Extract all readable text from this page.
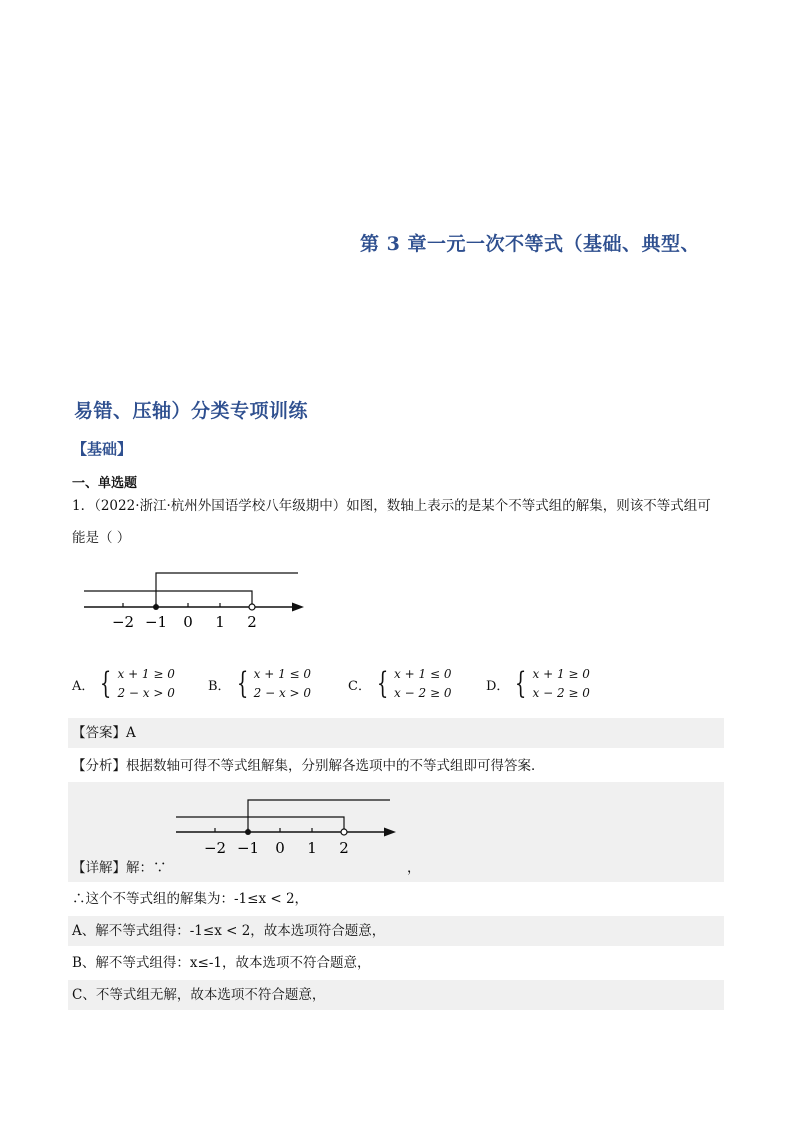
第 3 章一元一次不等式（基础、典型、
易错、压轴）分类专项训练
【基础】
一、单选题
1．（2022·浙江·杭州外国语学校八年级期中）如图，数轴上表示的是某个不等式组的解集，则该不等式组可
能是（ ）
−2 −1 0 1 2
A． { x + 1 ≥ 0
2 − x > 0	B． { x + 1 ≤ 0
2 − x > 0	C． { x + 1 ≤ 0
x − 2 ≥ 0	D． { x + 1 ≥ 0
x − 2 ≥ 0
【答案】 A
【分析】 根据数轴可得不等式组解集，分别解各选项中的不等式组即可得答案．
−2 −1 0 1 2
【详解】解：∵	，
∴这个不等式组的解集为：-1≤x < 2，
A、解不等式组得：-1≤x < 2，故本选项符合题意，
B、解不等式组得：x≤-1，故本选项不符合题意，
C、不等式组无解，故本选项不符合题意，
